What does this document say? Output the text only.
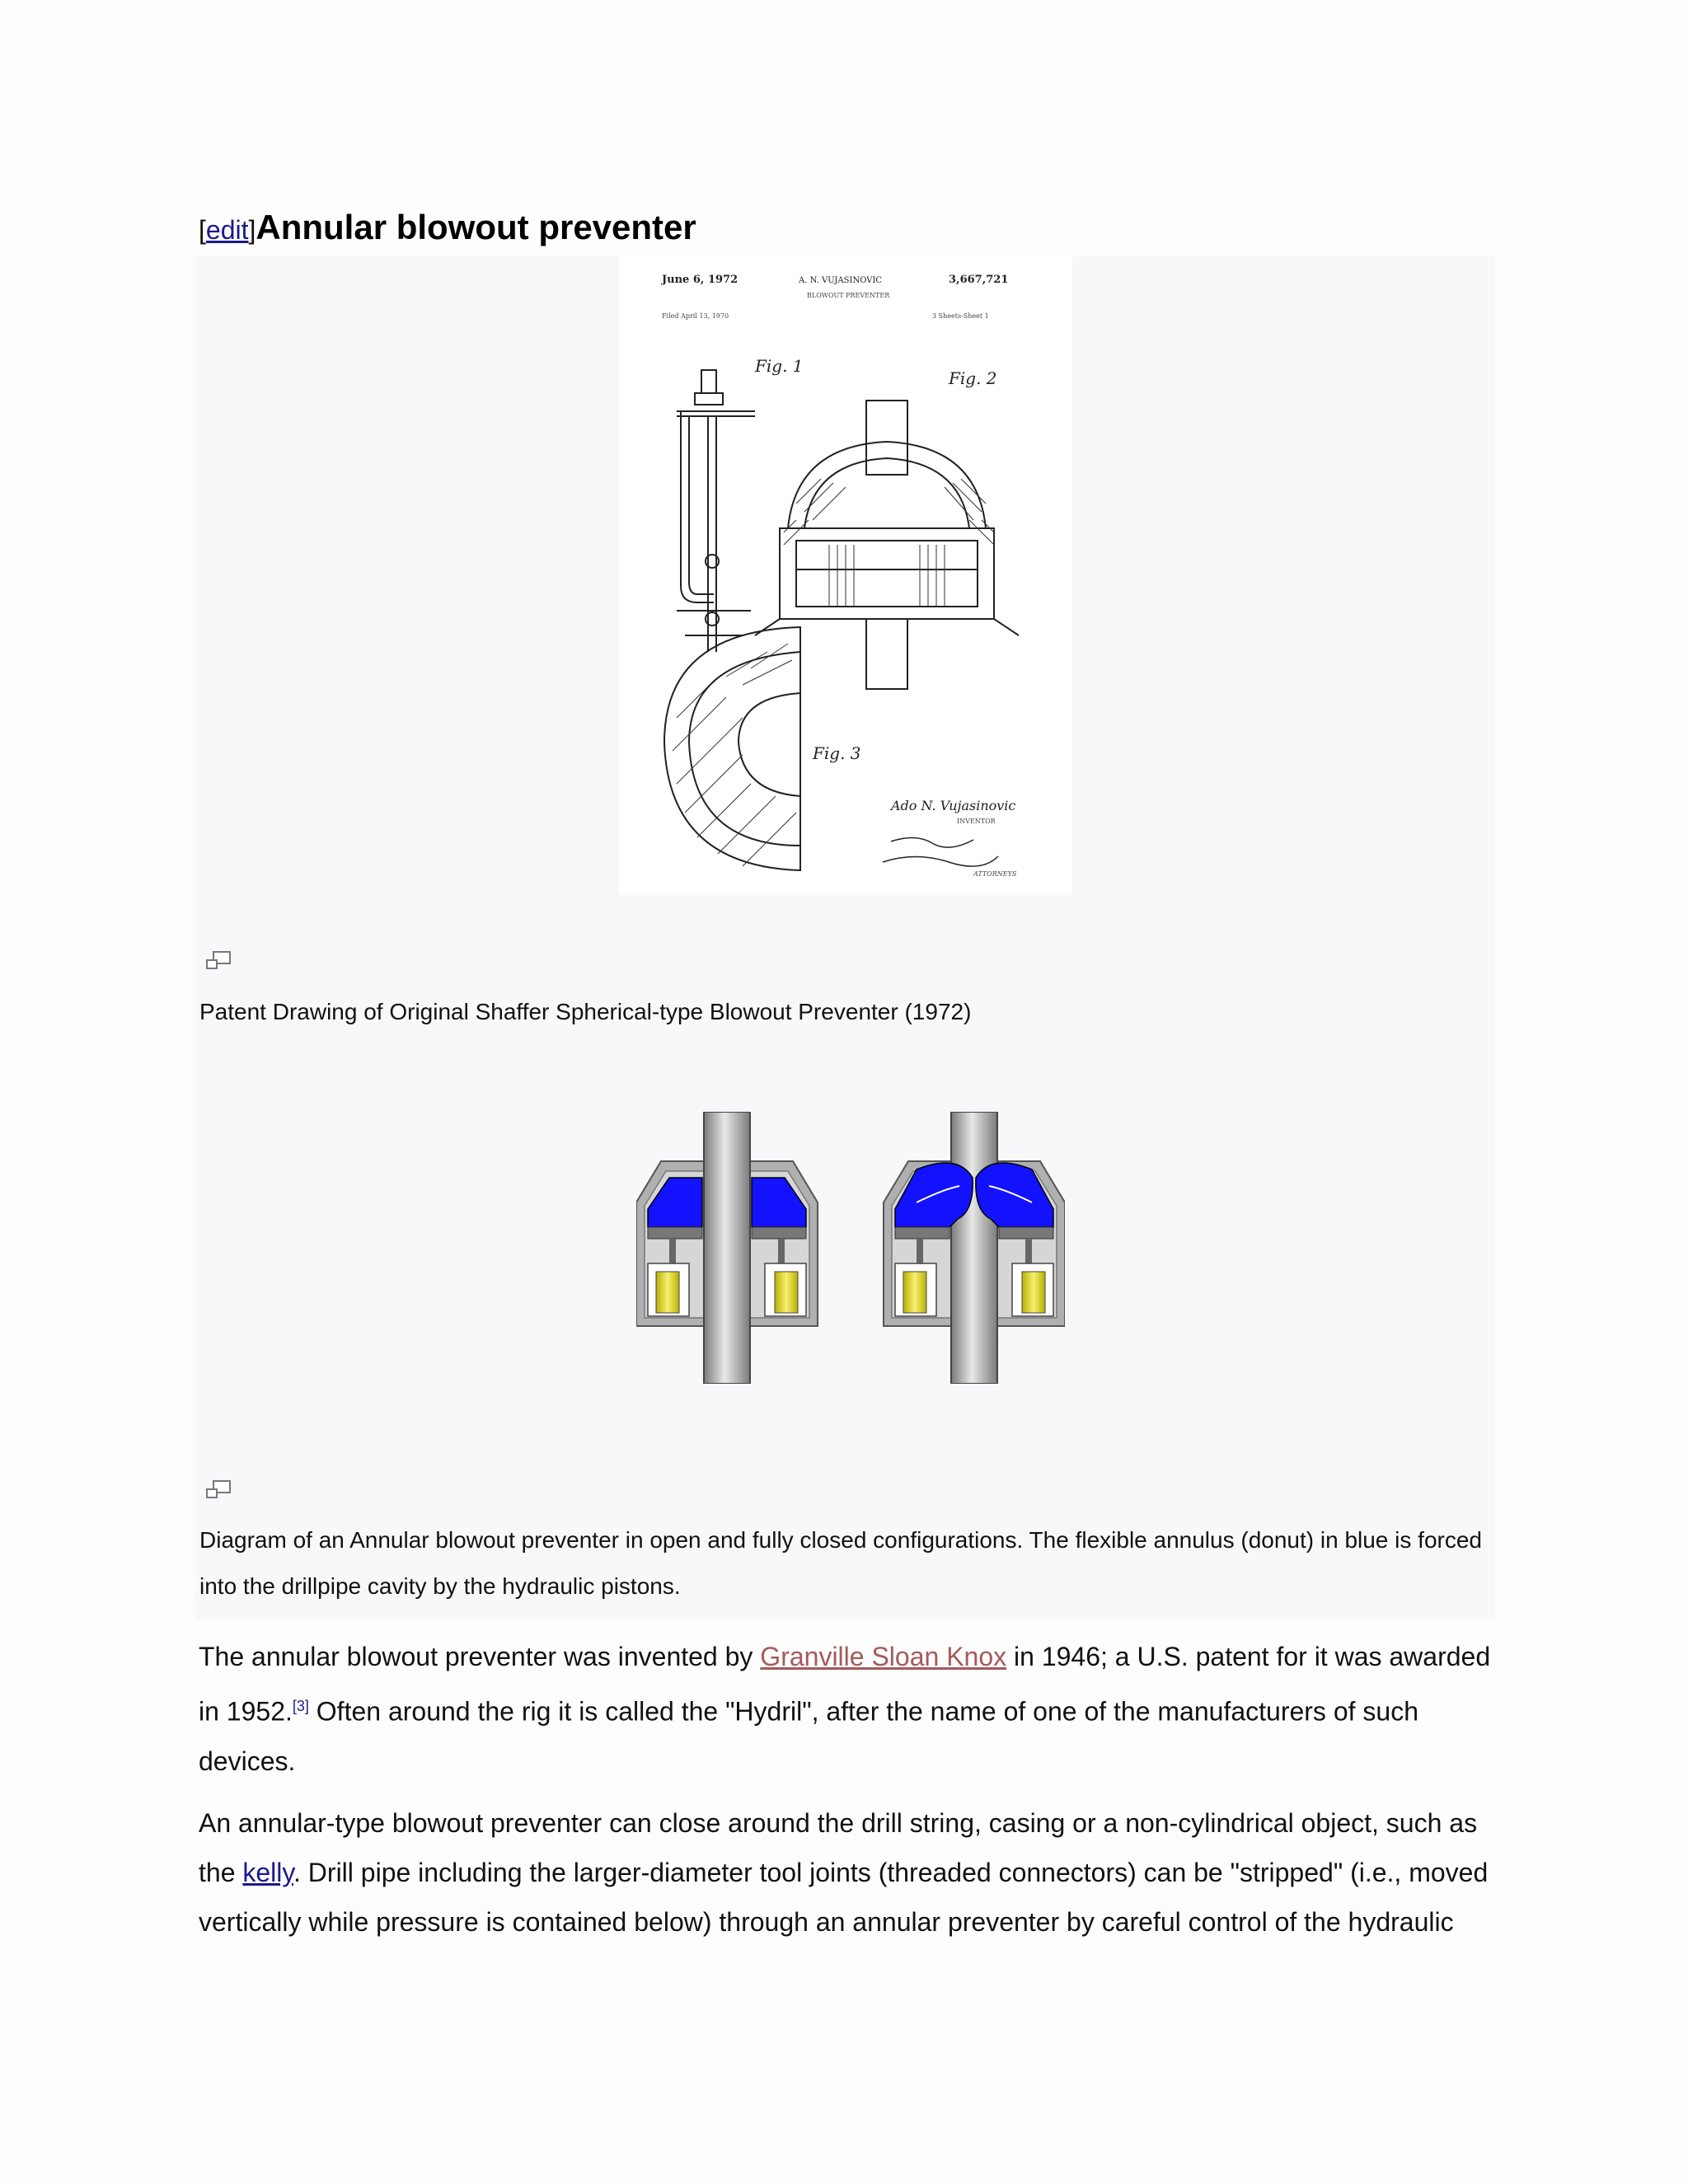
[edit]Annular blowout preventer
June 6, 1972	A. N. VUJASINOVIC	3,667,721
BLOWOUT PREVENTER
Filed April 13, 1970	3 Sheets-Sheet 1
Fig. 1
Fig. 2
Fig. 3
Ado N. Vujasinovic
INVENTOR
ATTORNEYS
Patent Drawing of Original Shaffer Spherical-type Blowout Preventer (1972)
Diagram of an Annular blowout preventer in open and fully closed configurations. The flexible annulus (donut) in blue is forced into the drillpipe cavity by the hydraulic pistons.

The annular blowout preventer was invented by Granville Sloan Knox in 1946; a U.S. patent for it was awarded in 1952.[3] Often around the rig it is called the "Hydril", after the name of one of the manufacturers of such devices.

An annular-type blowout preventer can close around the drill string, casing or a non-cylindrical object, such as the kelly. Drill pipe including the larger-diameter tool joints (threaded connectors) can be "stripped" (i.e., moved vertically while pressure is contained below) through an annular preventer by careful control of the hydraulic
